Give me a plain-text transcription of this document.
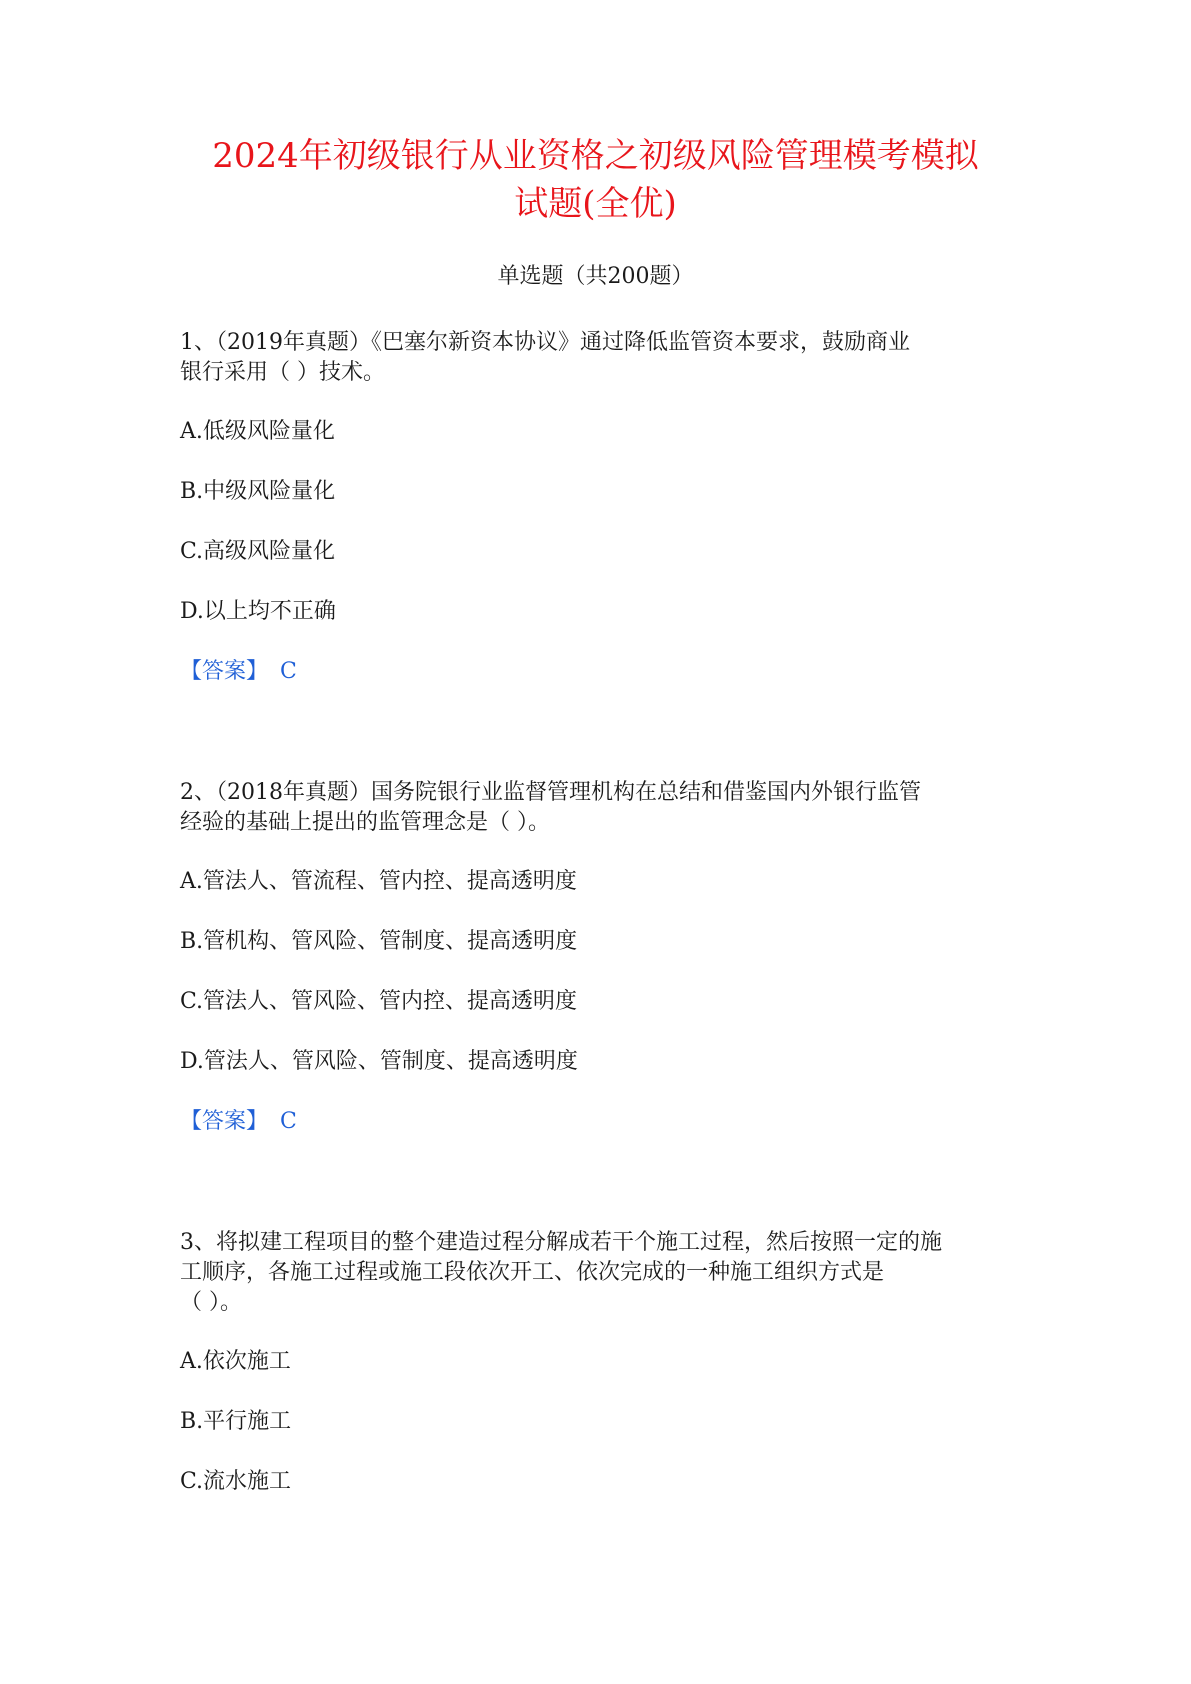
2024年初级银行从业资格之初级风险管理模考模拟
试题(全优)
单选题（共200题）
1、（2019年真题）《巴塞尔新资本协议》通过降低监管资本要求，鼓励商业
银行采用（ ）技术。
A.低级风险量化
B.中级风险量化
C.高级风险量化
D.以上均不正确
【答案】 C
2、（2018年真题）国务院银行业监督管理机构在总结和借鉴国内外银行监管
经验的基础上提出的监管理念是（ ）。
A.管法人、管流程、管内控、提高透明度
B.管机构、管风险、管制度、提高透明度
C.管法人、管风险、管内控、提高透明度
D.管法人、管风险、管制度、提高透明度
【答案】 C
3、将拟建工程项目的整个建造过程分解成若干个施工过程，然后按照一定的施
工顺序，各施工过程或施工段依次开工、依次完成的一种施工组织方式是
（ ）。
A.依次施工
B.平行施工
C.流水施工
